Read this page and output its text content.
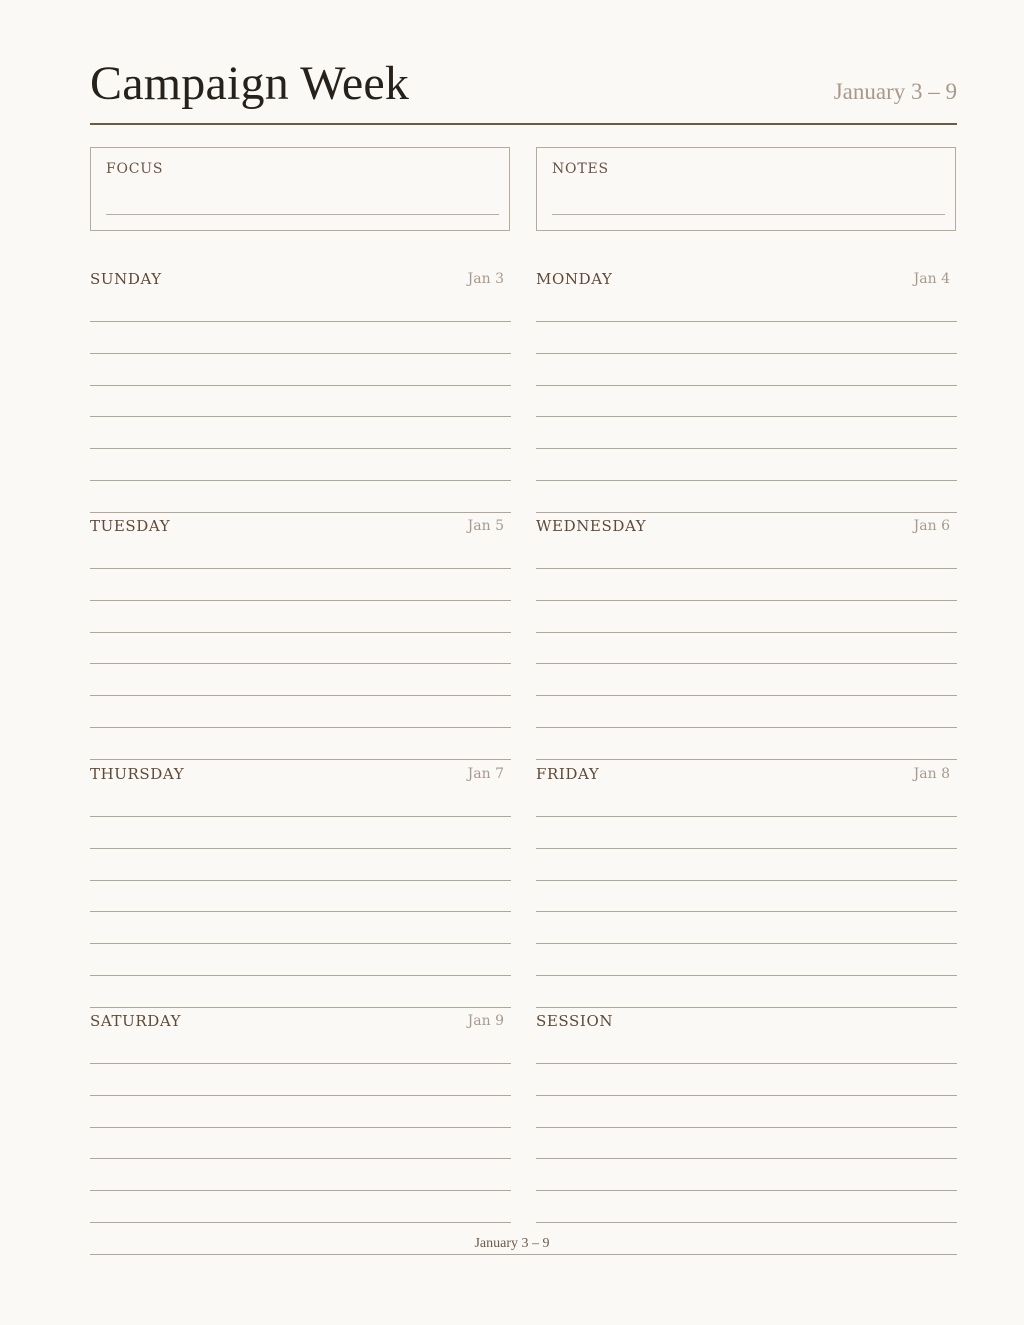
Campaign Week	January 3 – 9
FOCUS	NOTES
SUNDAY	Jan 3 MONDAY	Jan 4
TUESDAY	Jan 5 WEDNESDAY	Jan 6
THURSDAY	Jan 7 FRIDAY	Jan 8
SATURDAY	Jan 9 SESSION
January 3 – 9
